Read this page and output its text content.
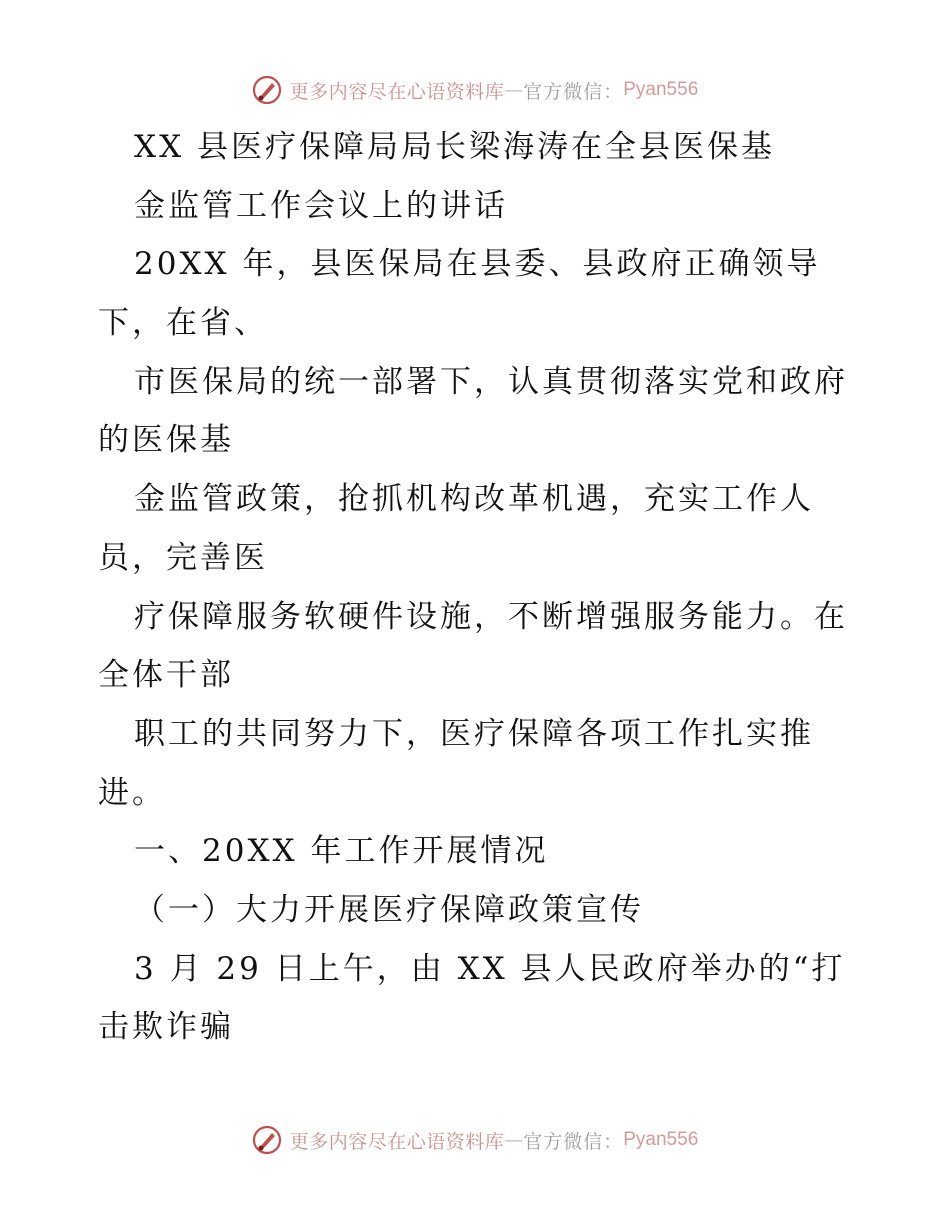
更多内容尽在心语资料库 — 官方微信： Pyan556
XX 县医疗保障局局长梁海涛在全县医保基
金监管工作会议上的讲话
20XX 年，县医保局在县委、县政府正确领导
下，在省、
市医保局的统一部署下，认真贯彻落实党和政府
的医保基
金监管政策，抢抓机构改革机遇，充实工作人
员，完善医
疗保障服务软硬件设施，不断增强服务能力。在
全体干部
职工的共同努力下，医疗保障各项工作扎实推
进。
一、20XX 年工作开展情况
（一）大力开展医疗保障政策宣传
3 月 29 日上午，由 XX 县人民政府举办的“打
击欺诈骗
更多内容尽在心语资料库 — 官方微信： Pyan556
